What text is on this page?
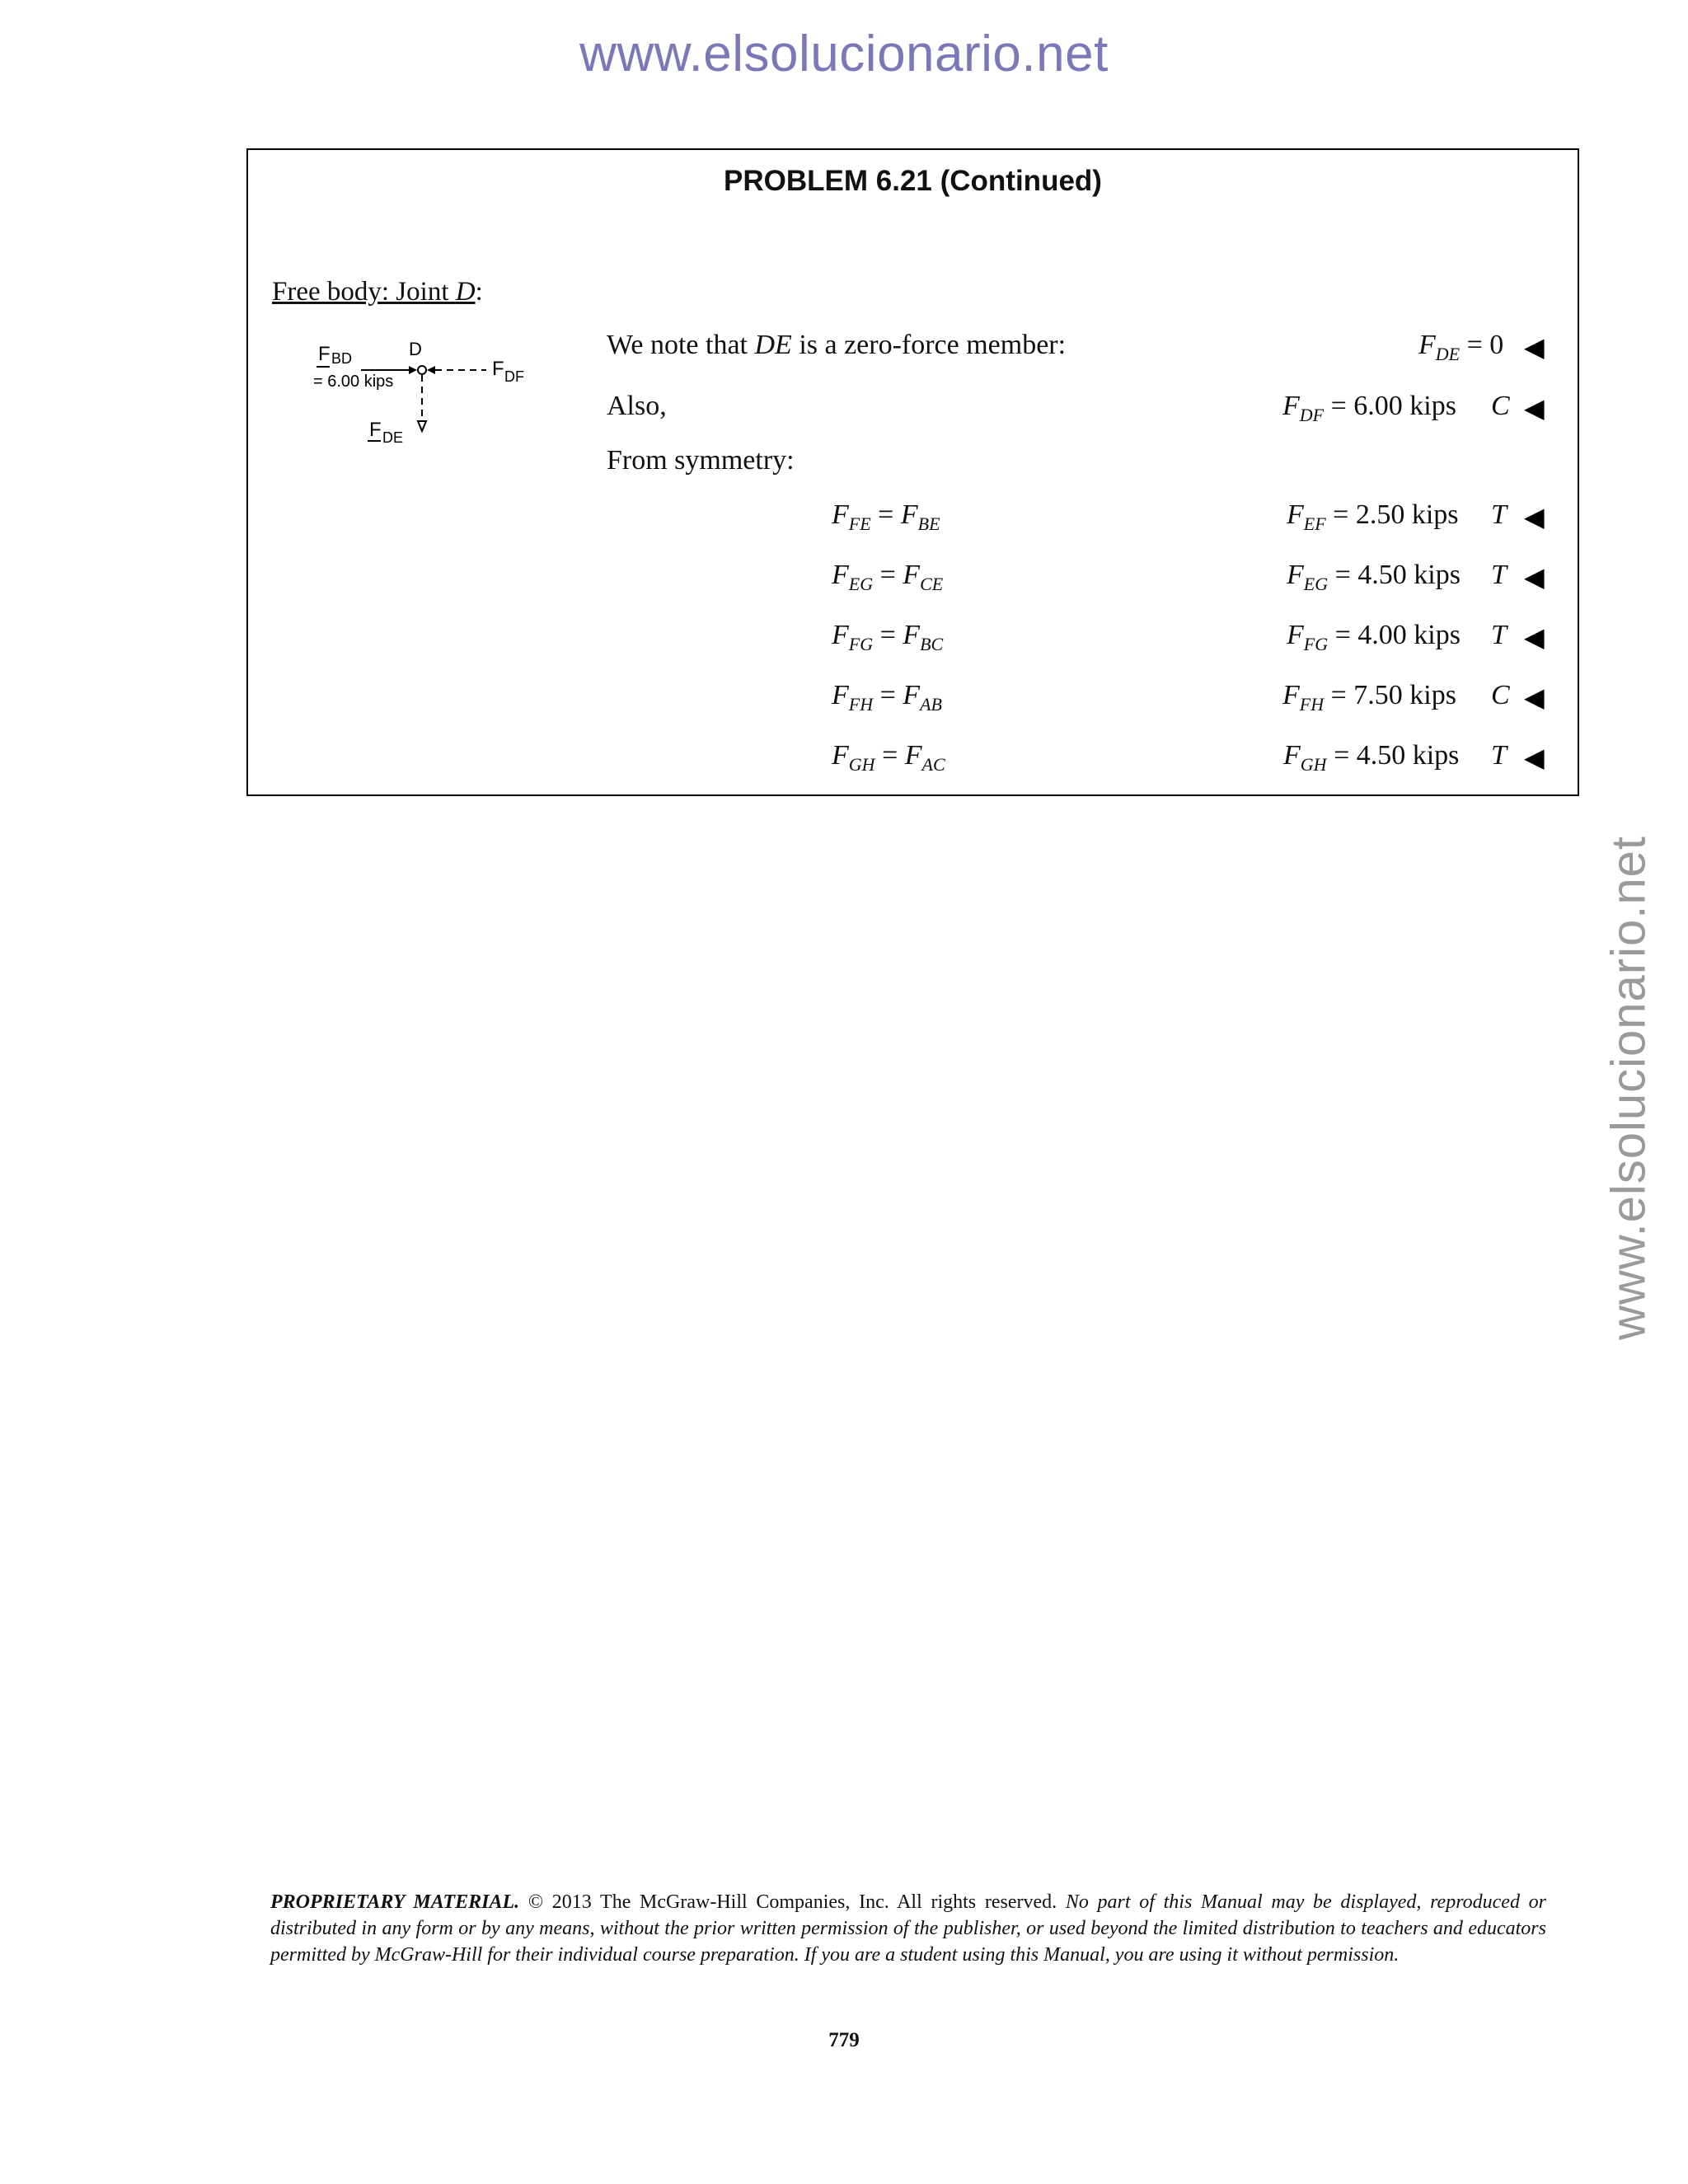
www.elsolucionario.net
www.elsolucionario.net
PROBLEM 6.21 (Continued)
Free body: Joint D:
F BD
= 6.00 kips
D
F DF
F DE
We note that DE is a zero-force member:	$F_{DE} = 0$ ◀
Also,	$F_{DF} = 6.00$ kips C ◀
From symmetry:
$F_{FE} = F_{BE}$	$F_{EF} = 2.50$ kips T ◀
$F_{EG} = F_{CE}$	$F_{EG} = 4.50$ kips T ◀
$F_{FG} = F_{BC}$	$F_{FG} = 4.00$ kips T ◀
$F_{FH} = F_{AB}$	$F_{FH} = 7.50$ kips C ◀
$F_{GH} = F_{AC}$	$F_{GH} = 4.50$ kips T ◀
PROPRIETARY MATERIAL. © 2013 The McGraw-Hill Companies, Inc. All rights reserved. No part of this Manual may be displayed, reproduced or distributed in any form or by any means, without the prior written permission of the publisher, or used beyond the limited distribution to teachers and educators permitted by McGraw-Hill for their individual course preparation. If you are a student using this Manual, you are using it without permission.
779
